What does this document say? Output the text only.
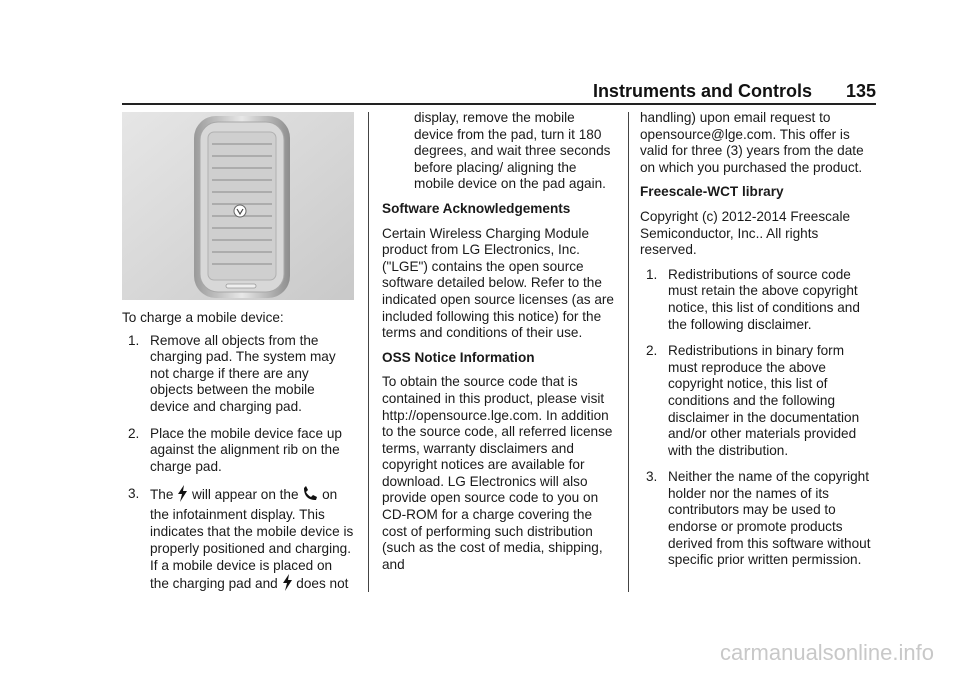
Instruments and Controls 135

To charge a mobile device:

1. Remove all objects from the charging pad. The system may not charge if there are any objects between the mobile device and charging pad.
2. Place the mobile device face up against the alignment rib on the charge pad.
3. The will appear on the on the infotainment display. This indicates that the mobile device is properly positioned and charging. If a mobile device is placed on the charging pad and does not

display, remove the mobile device from the pad, turn it 180 degrees, and wait three seconds before placing/ aligning the mobile device on the pad again.

Software Acknowledgements

Certain Wireless Charging Module product from LG Electronics, Inc. ("LGE") contains the open source software detailed below. Refer to the indicated open source licenses (as are included following this notice) for the terms and conditions of their use.

OSS Notice Information

To obtain the source code that is contained in this product, please visit http://opensource.lge.com. In addition to the source code, all referred license terms, warranty disclaimers and copyright notices are available for download. LG Electronics will also provide open source code to you on CD-ROM for a charge covering the cost of performing such distribution (such as the cost of media, shipping, and

handling) upon email request to opensource@lge.com. This offer is valid for three (3) years from the date on which you purchased the product.

Freescale-WCT library

Copyright (c) 2012-2014 Freescale Semiconductor, Inc.. All rights reserved.

1. Redistributions of source code must retain the above copyright notice, this list of conditions and the following disclaimer.
2. Redistributions in binary form must reproduce the above copyright notice, this list of conditions and the following disclaimer in the documentation and/or other materials provided with the distribution.
3. Neither the name of the copyright holder nor the names of its contributors may be used to endorse or promote products derived from this software without specific prior written permission.
carmanualsonline.info
